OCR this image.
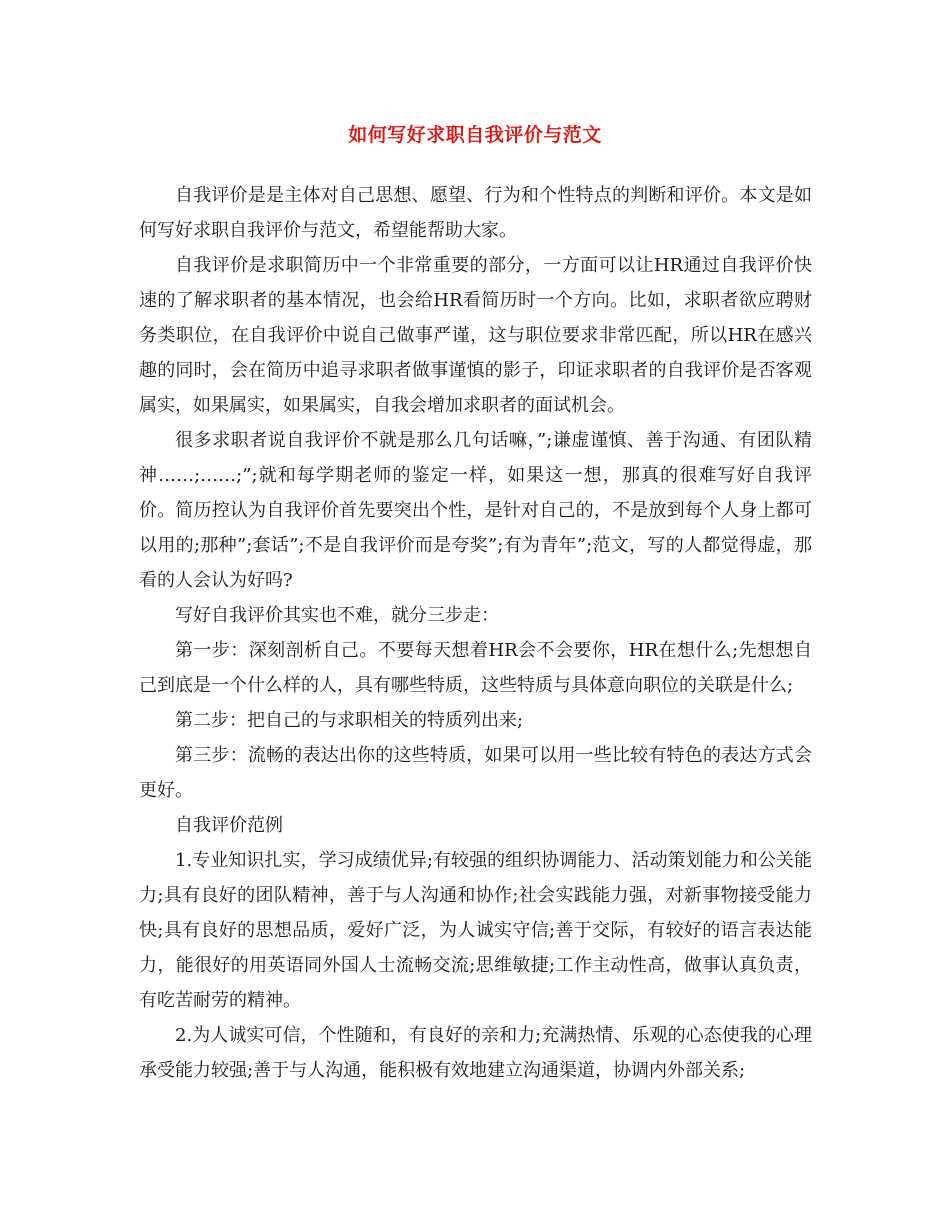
如何写好求职自我评价与范文

自我评价是是主体对自己思想、愿望、行为和个性特点的判断和评价。本文是如何写好求职自我评价与范文，希望能帮助大家。

自我评价是求职简历中一个非常重要的部分，一方面可以让HR通过自我评价快速的了解求职者的基本情况，也会给HR看简历时一个方向。比如，求职者欲应聘财务类职位，在自我评价中说自己做事严谨，这与职位要求非常匹配，所以HR在感兴趣的同时，会在简历中追寻求职者做事谨慎的影子，印证求职者的自我评价是否客观属实，如果属实，如果属实，自我会增加求职者的面试机会。

很多求职者说自我评价不就是那么几句话嘛，”;谦虚谨慎、善于沟通、有团队精神……;……;”;就和每学期老师的鉴定一样，如果这一想，那真的很难写好自我评价。简历控认为自我评价首先要突出个性，是针对自己的，不是放到每个人身上都可以用的;那种”;套话”;不是自我评价而是夸奖”;有为青年”;范文，写的人都觉得虚，那看的人会认为好吗?

写好自我评价其实也不难，就分三步走：

第一步：深刻剖析自己。不要每天想着HR会不会要你，HR在想什么;先想想自己到底是一个什么样的人，具有哪些特质，这些特质与具体意向职位的关联是什么;

第二步：把自己的与求职相关的特质列出来;

第三步：流畅的表达出你的这些特质，如果可以用一些比较有特色的表达方式会更好。

自我评价范例

1.专业知识扎实，学习成绩优异;有较强的组织协调能力、活动策划能力和公关能力;具有良好的团队精神，善于与人沟通和协作;社会实践能力强，对新事物接受能力快;具有良好的思想品质，爱好广泛，为人诚实守信;善于交际，有较好的语言表达能力，能很好的用英语同外国人士流畅交流;思维敏捷;工作主动性高，做事认真负责，有吃苦耐劳的精神。

2.为人诚实可信，个性随和，有良好的亲和力;充满热情、乐观的心态使我的心理承受能力较强;善于与人沟通，能积极有效地建立沟通渠道，协调内外部关系;
